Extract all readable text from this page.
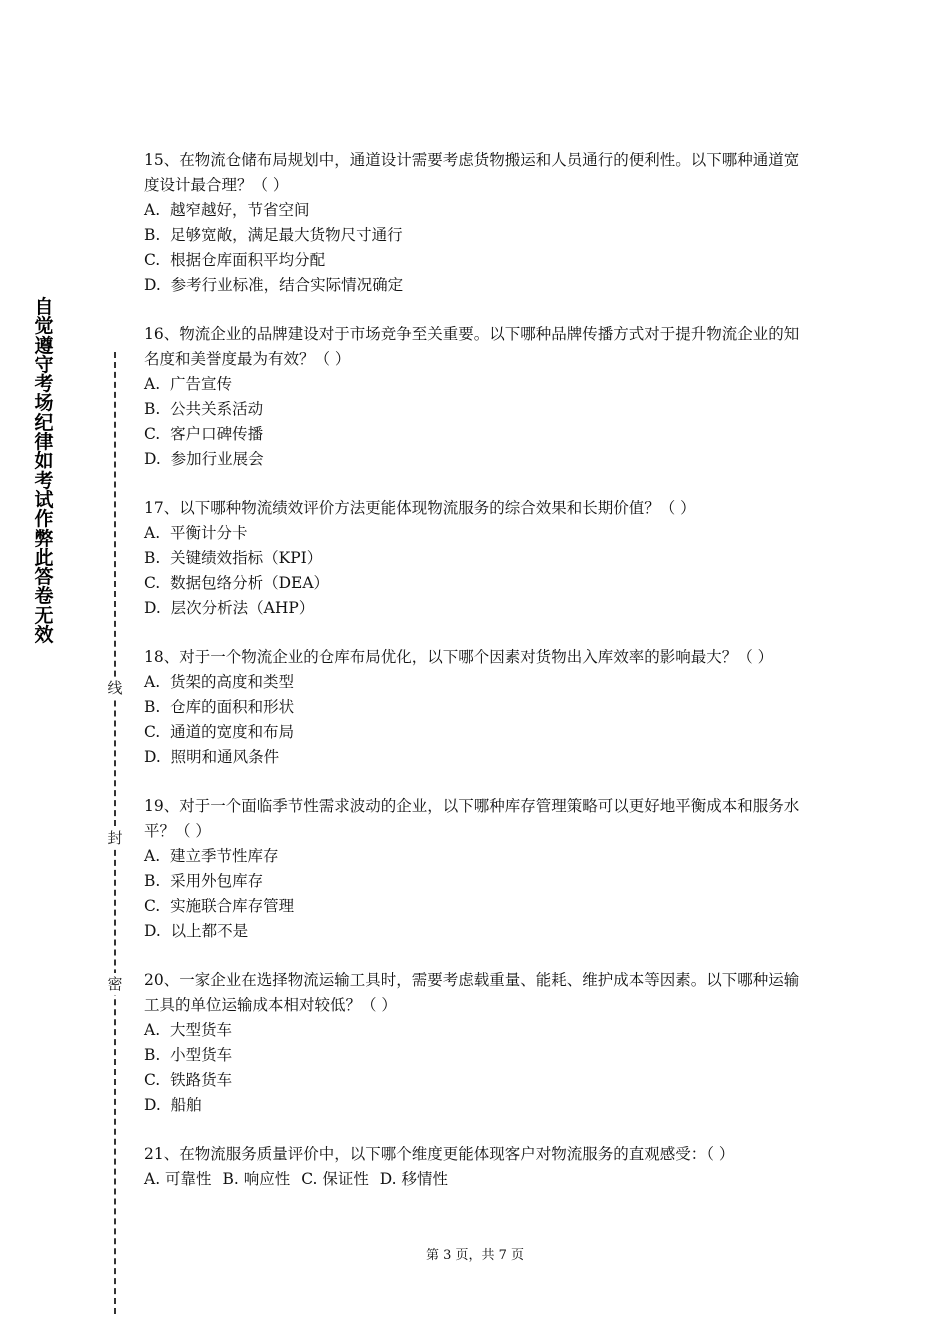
自
觉
遵
守
考
场
纪
律
如
考
试
作
弊
此
答
卷
无
效
线
封
密

15、在物流仓储布局规划中，通道设计需要考虑货物搬运和人员通行的便利性。以下哪种通道宽度设计最合理？（ ）

A.  越窄越好，节省空间

B.  足够宽敞，满足最大货物尺寸通行

C.  根据仓库面积平均分配

D.  参考行业标准，结合实际情况确定

16、物流企业的品牌建设对于市场竞争至关重要。以下哪种品牌传播方式对于提升物流企业的知名度和美誉度最为有效？（ ）

A.  广告宣传

B.  公共关系活动

C.  客户口碑传播

D.  参加行业展会

17、以下哪种物流绩效评价方法更能体现物流服务的综合效果和长期价值？（ ）

A.  平衡计分卡

B.  关键绩效指标（KPI）

C.  数据包络分析（DEA）

D.  层次分析法（AHP）

18、对于一个物流企业的仓库布局优化，以下哪个因素对货物出入库效率的影响最大？（ ）

A.  货架的高度和类型

B.  仓库的面积和形状

C.  通道的宽度和布局

D.  照明和通风条件

19、对于一个面临季节性需求波动的企业，以下哪种库存管理策略可以更好地平衡成本和服务水平？（ ）

A.  建立季节性库存

B.  采用外包库存

C.  实施联合库存管理

D.  以上都不是

20、一家企业在选择物流运输工具时，需要考虑载重量、能耗、维护成本等因素。以下哪种运输工具的单位运输成本相对较低？（ ）

A.  大型货车

B.  小型货车

C.  铁路货车

D.  船舶

21、在物流服务质量评价中，以下哪个维度更能体现客户对物流服务的直观感受：（ ）

A. 可靠性 B. 响应性 C. 保证性 D. 移情性

第 3 页，共 7 页
